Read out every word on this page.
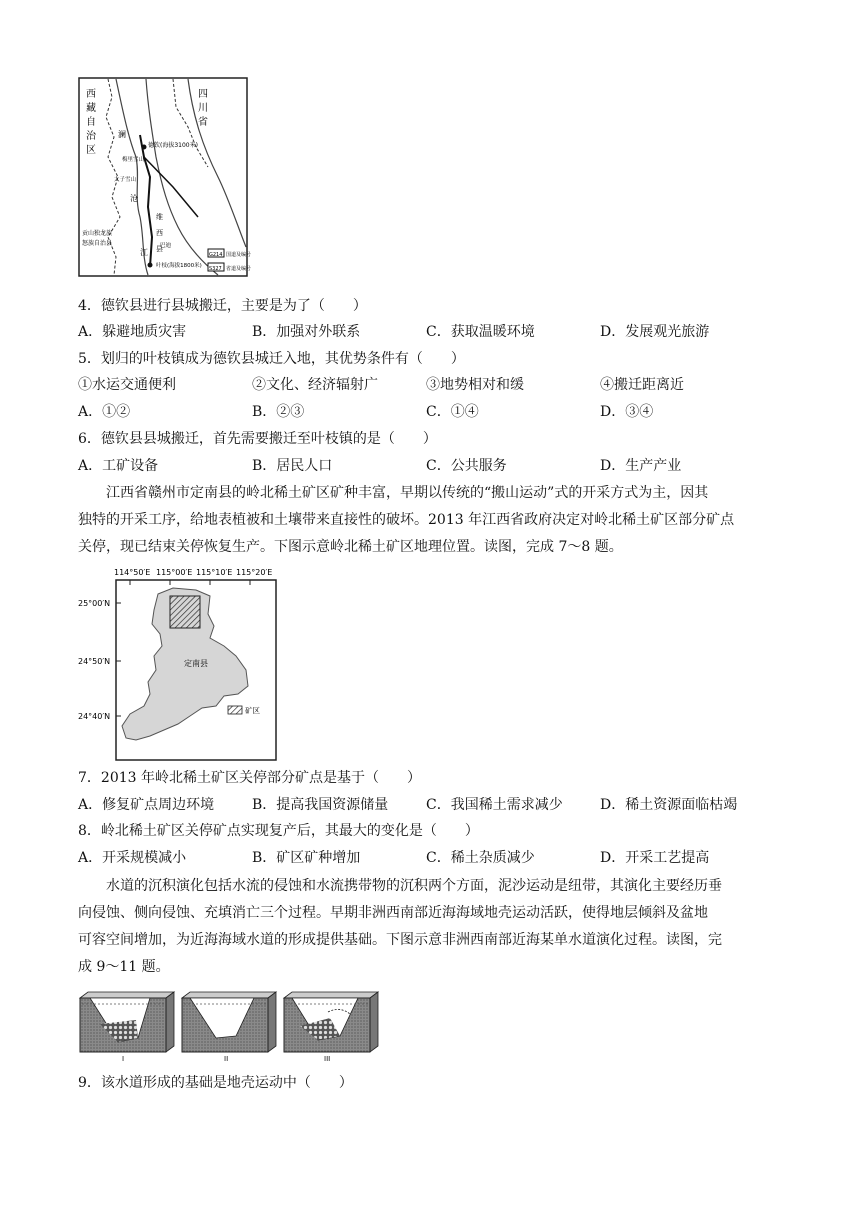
西
藏
自
治
区
四
川
省
德钦(海拔3100米)
梅里雪山
太子雪山
澜
沧
江
贡山独龙族
怒族自治县
维
西
县
叶枝(海拔1800米)
巴迪
G214 国道及编号
S327 省道及编号
4．德钦县进行县城搬迁，主要是为了（　　）
A．躲避地质灾害	B．加强对外联系	C．获取温暖环境	D．发展观光旅游
5．划归的叶枝镇成为德钦县城迁入地，其优势条件有（　　）
①水运交通便利	②文化、经济辐射广	③地势相对和缓	④搬迁距离近
A．①②	B．②③	C．①④	D．③④
6．德钦县县城搬迁，首先需要搬迁至叶枝镇的是（　　）
A．工矿设备	B．居民人口	C．公共服务	D．生产产业
江西省赣州市定南县的岭北稀土矿区矿种丰富，早期以传统的“搬山运动”式的开采方式为主，因其
独特的开采工序，给地表植被和土壤带来直接性的破坏。2013 年江西省政府决定对岭北稀土矿区部分矿点
关停，现已结束关停恢复生产。下图示意岭北稀土矿区地理位置。读图，完成 7～8 题。
114°50′E 115°00′E 115°10′E 115°20′E
25°00′N
24°50′N
24°40′N
定南县
矿区
7．2013 年岭北稀土矿区关停部分矿点是基于（　　）
A．修复矿点周边环境	B．提高我国资源储量	C．我国稀土需求减少	D．稀土资源面临枯竭
8．岭北稀土矿区关停矿点实现复产后，其最大的变化是（　　）
A．开采规模减小	B．矿区矿种增加	C．稀土杂质减少	D．开采工艺提高
水道的沉积演化包括水流的侵蚀和水流携带物的沉积两个方面，泥沙运动是纽带，其演化主要经历垂
向侵蚀、侧向侵蚀、充填消亡三个过程。早期非洲西南部近海海域地壳运动活跃，使得地层倾斜及盆地
可容空间增加，为近海海域水道的形成提供基础。下图示意非洲西南部近海某单水道演化过程。读图，完
成 9～11 题。
I	II	III
9．该水道形成的基础是地壳运动中（　　）
